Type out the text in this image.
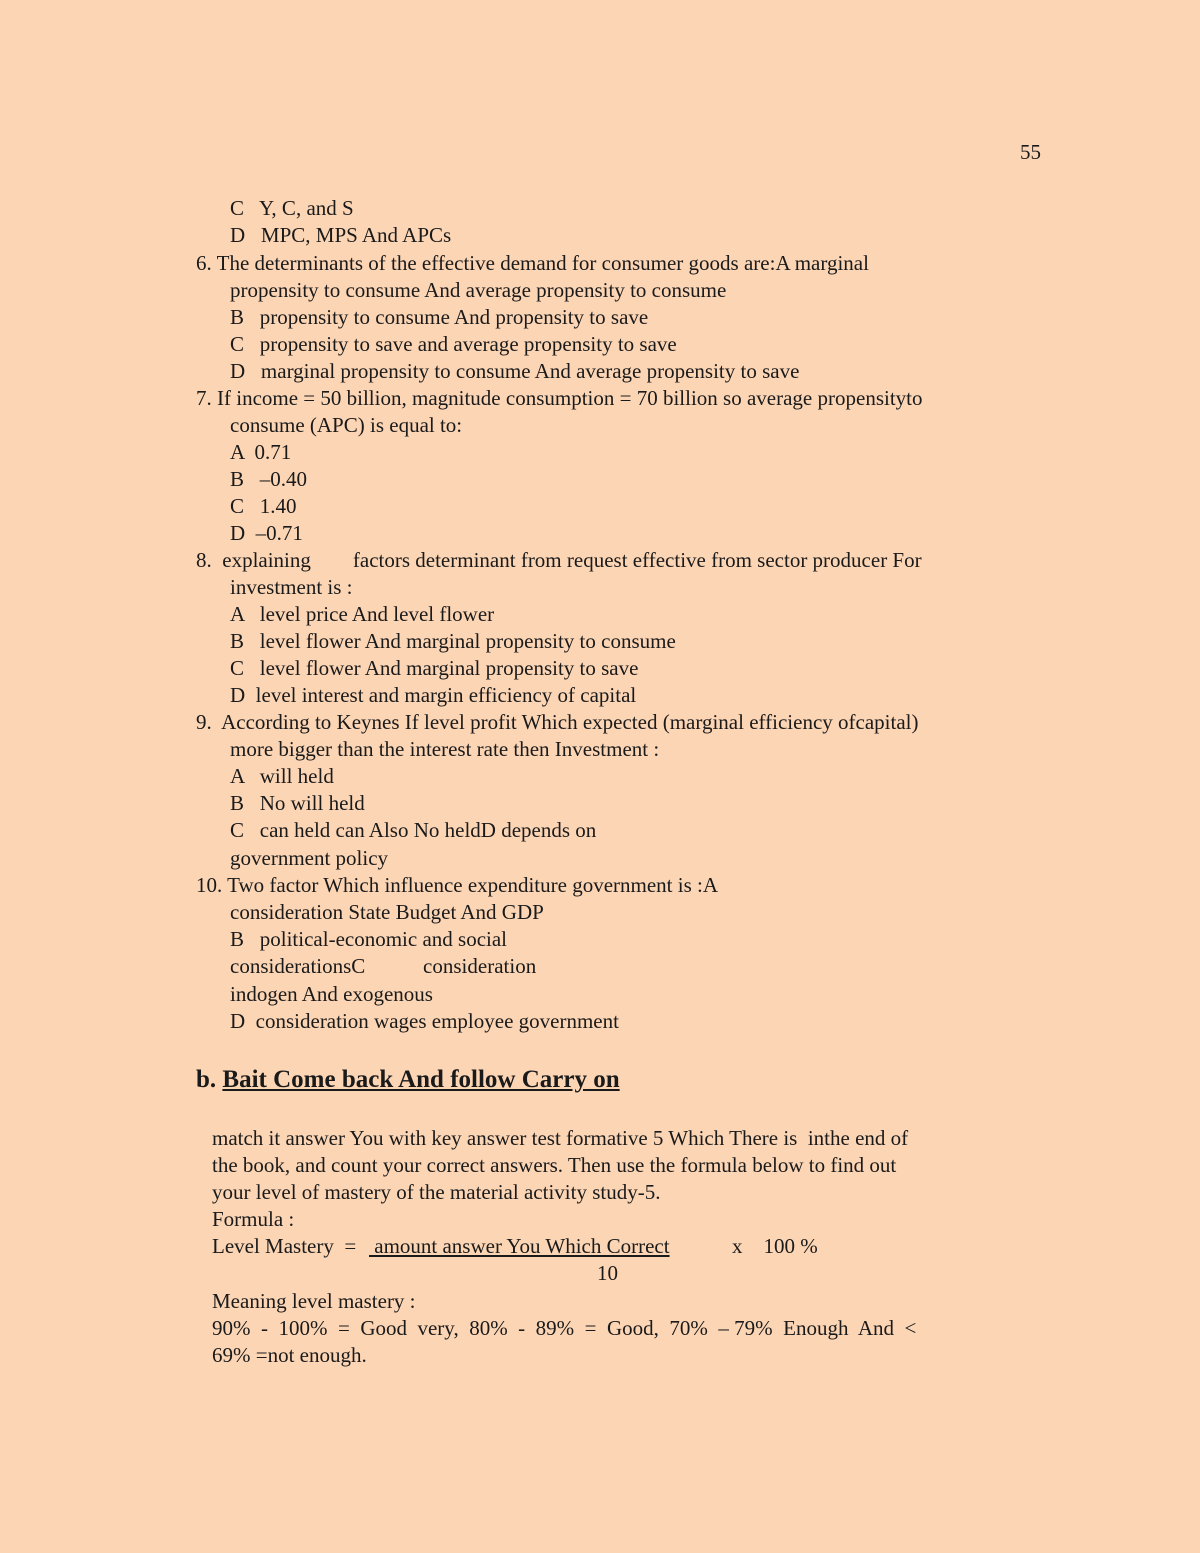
55
C   Y, C, and S
D   MPC, MPS And APCs
6. The determinants of the effective demand for consumer goods are:A marginal
propensity to consume And average propensity to consume
B   propensity to consume And propensity to save
C   propensity to save and average propensity to save
D   marginal propensity to consume And average propensity to save
7. If income = 50 billion, magnitude consumption = 70 billion so average propensityto
consume (APC) is equal to:
A  0.71
B   –0.40
C   1.40
D  –0.71
8.  explaining        factors determinant from request effective from sector producer For
investment is :
A   level price And level flower
B   level flower And marginal propensity to consume
C   level flower And marginal propensity to save
D  level interest and margin efficiency of capital
9.  According to Keynes If level profit Which expected (marginal efficiency ofcapital)
more bigger than the interest rate then Investment :
A   will held
B   No will held
C   can held can Also No heldD depends on
government policy
10. Two factor Which influence expenditure government is :A
consideration State Budget And GDP
B   political-economic and social
considerationsC           consideration
indogen And exogenous
D  consideration wages employee government
b. Bait Come back And follow Carry on
match it answer You with key answer test formative 5 Which There is  inthe end of
the book, and count your correct answers. Then use the formula below to find out
your level of mastery of the material activity study-5.
Formula :
Level Mastery  = amount answer You Which Correct	x    100 %
10
Meaning level mastery :
90%  -  100%  =  Good  very,  80%  -  89%  =  Good,  70%  – 79%  Enough  And  <
69% =not enough.
